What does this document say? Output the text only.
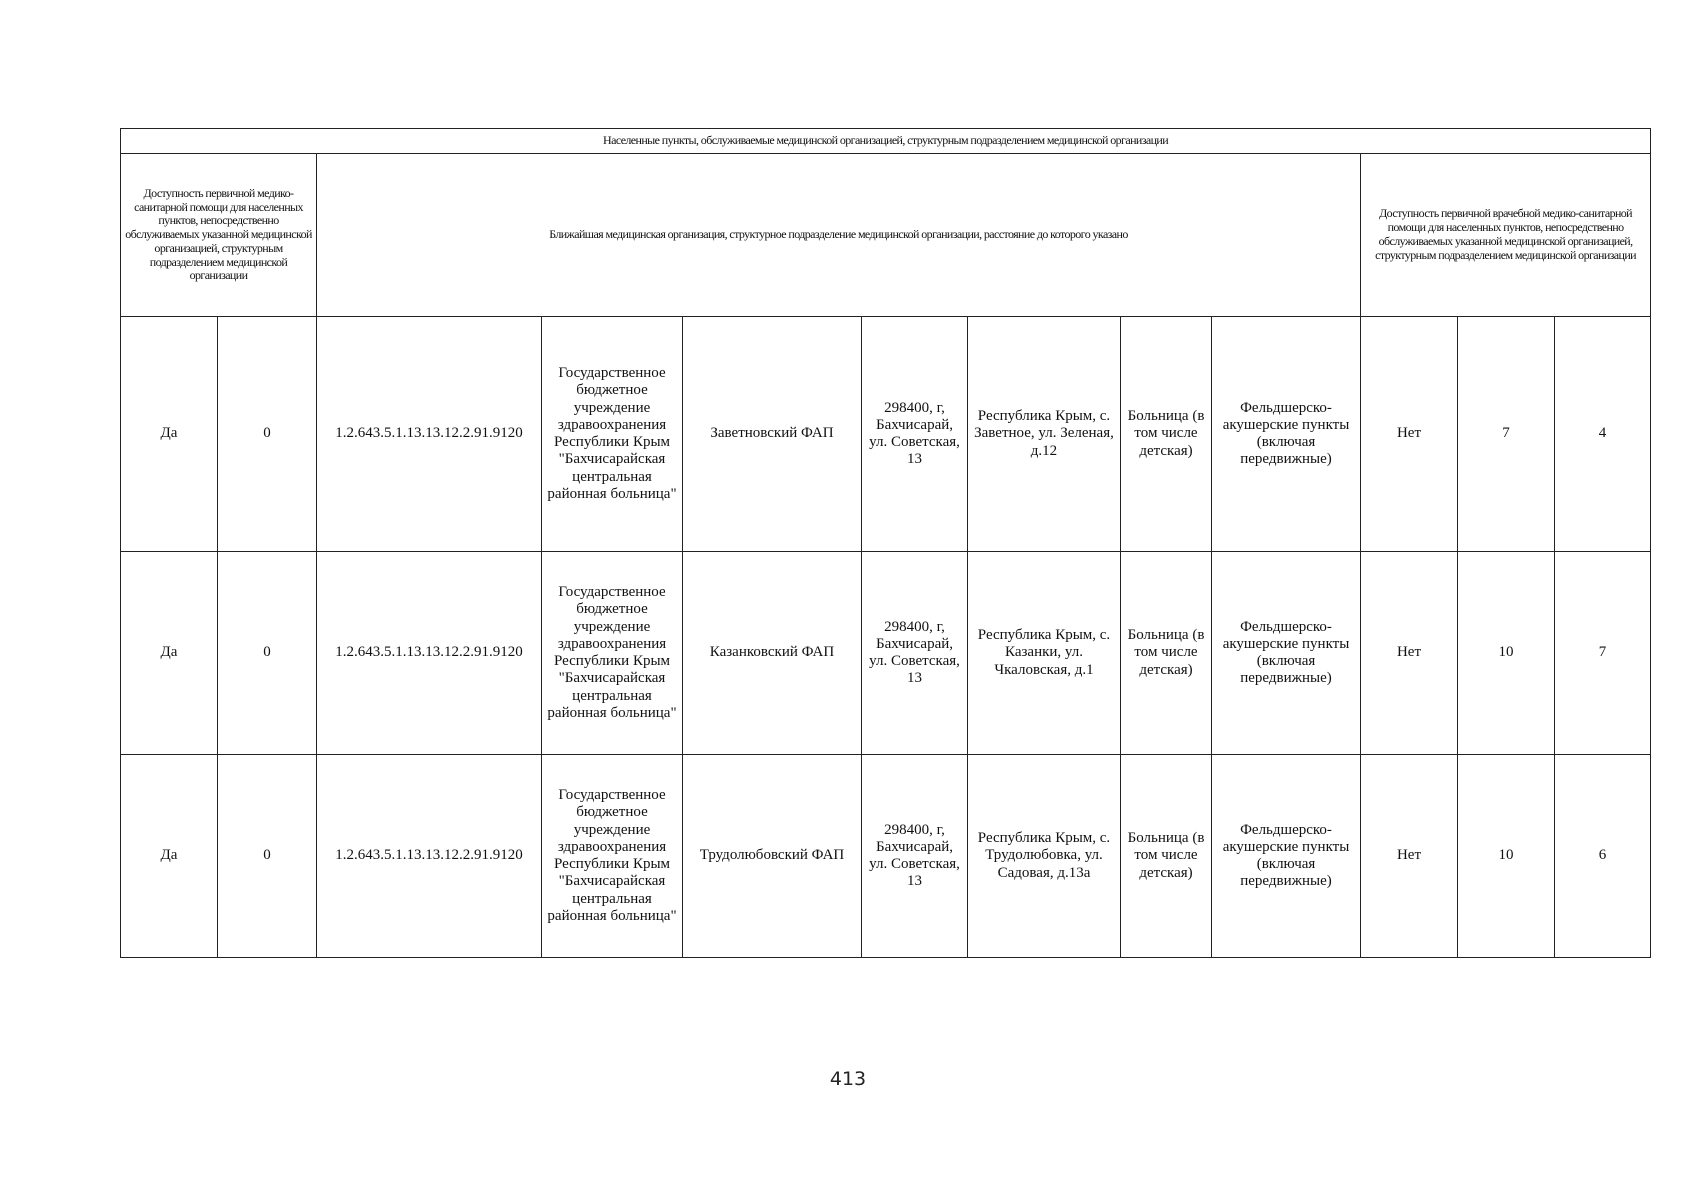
Населенные пункты, обслуживаемые медицинской организацией, структурным подразделением медицинской организации											
Доступность первичной медико-санитарной помощи для населенных пунктов, непосредственно обслуживаемых указанной медицинской организацией, структурным подразделением медицинской организации		Ближайшая медицинская организация, структурное подразделение медицинской организации, расстояние до которого указано							Доступность первичной врачебной медико-санитарной помощи для населенных пунктов, непосредственно обслуживаемых указанной медицинской организацией, структурным подразделением медицинской организации		
Да	0	1.2.643.5.1.13.13.12.2.91.9120	Государственное бюджетное учреждение здравоохранения Республики Крым "Бахчисарайская центральная районная больница"	Заветновский ФАП	298400, г, Бахчисарай, ул. Советская, 13	Республика Крым, с. Заветное, ул. Зеленая, д.12	Больница (в том числе детская)	Фельдшерско-акушерские пункты (включая передвижные)	Нет	7	4
Да	0	1.2.643.5.1.13.13.12.2.91.9120	Государственное бюджетное учреждение здравоохранения Республики Крым "Бахчисарайская центральная районная больница"	Казанковский ФАП	298400, г, Бахчисарай, ул. Советская, 13	Республика Крым, с. Казанки, ул. Чкаловская, д.1	Больница (в том числе детская)	Фельдшерско-акушерские пункты (включая передвижные)	Нет	10	7
Да	0	1.2.643.5.1.13.13.12.2.91.9120	Государственное бюджетное учреждение здравоохранения Республики Крым "Бахчисарайская центральная районная больница"	Трудолюбовский ФАП	298400, г, Бахчисарай, ул. Советская, 13	Республика Крым, с. Трудолюбовка, ул. Садовая, д.13а	Больница (в том числе детская)	Фельдшерско-акушерские пункты (включая передвижные)	Нет	10	6
413
